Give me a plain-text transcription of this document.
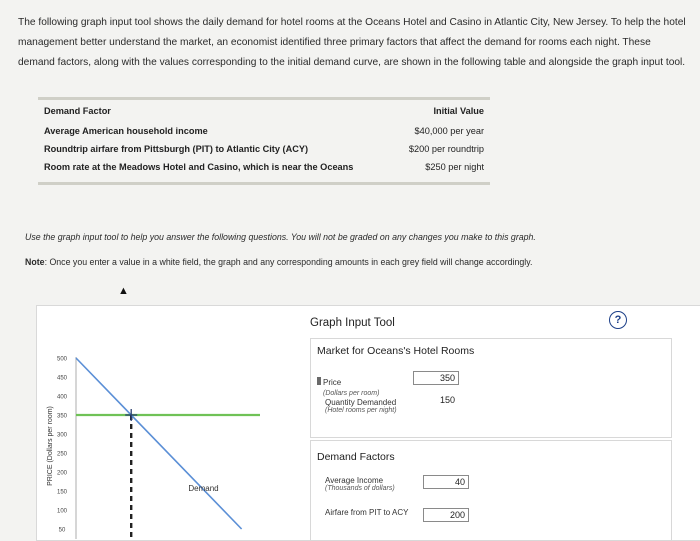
The following graph input tool shows the daily demand for hotel rooms at the Oceans Hotel and Casino in Atlantic City, New Jersey. To help the hotel management better understand the market, an economist identified three primary factors that affect the demand for rooms each night. These demand factors, along with the values corresponding to the initial demand curve, are shown in the following table and alongside the graph input tool.
Demand Factor	Initial Value
Average American household income	$40,000 per year
Roundtrip airfare from Pittsburgh (PIT) to Atlantic City (ACY)	$200 per roundtrip
Room rate at the Meadows Hotel and Casino, which is near the Oceans	$250 per night
Use the graph input tool to help you answer the following questions. You will not be graded on any changes you make to this graph.
Note: Once you enter a value in a white field, the graph and any corresponding amounts in each grey field will change accordingly.
▲
Graph Input Tool	?
PRICE (Dollars per room)
500
450
400
350
300
250
200
150
100
50
Demand
Market for Oceans's Hotel Rooms
Price
(Dollars per room)
350
Quantity Demanded
(Hotel rooms per night)
150
Demand Factors
Average Income
(Thousands of dollars)
40
Airfare from PIT to ACY	200
